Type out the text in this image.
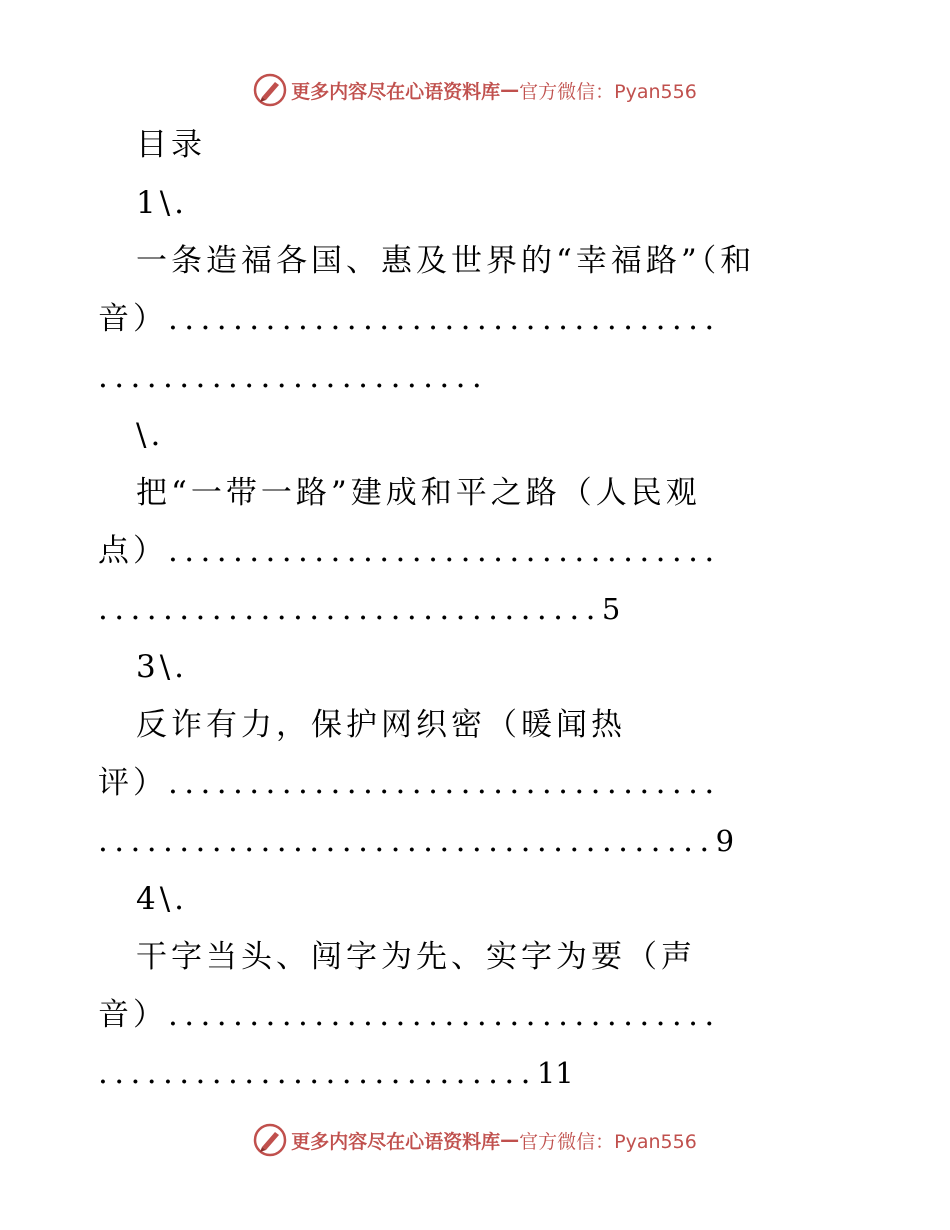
更多内容尽在心语资料库 — 官方微信：Pyan556
目录
1\.
一条造福各国、惠及世界的“幸福路”（和
音）..................................
........................
\.
把“一带一路”建成和平之路（人民观
点）..................................
...............................5
3\.
反诈有力，保护网织密（暖闻热
评）..................................
......................................9
4\.
干字当头、闯字为先、实字为要（声
音）..................................
...........................11
更多内容尽在心语资料库 — 官方微信：Pyan556
